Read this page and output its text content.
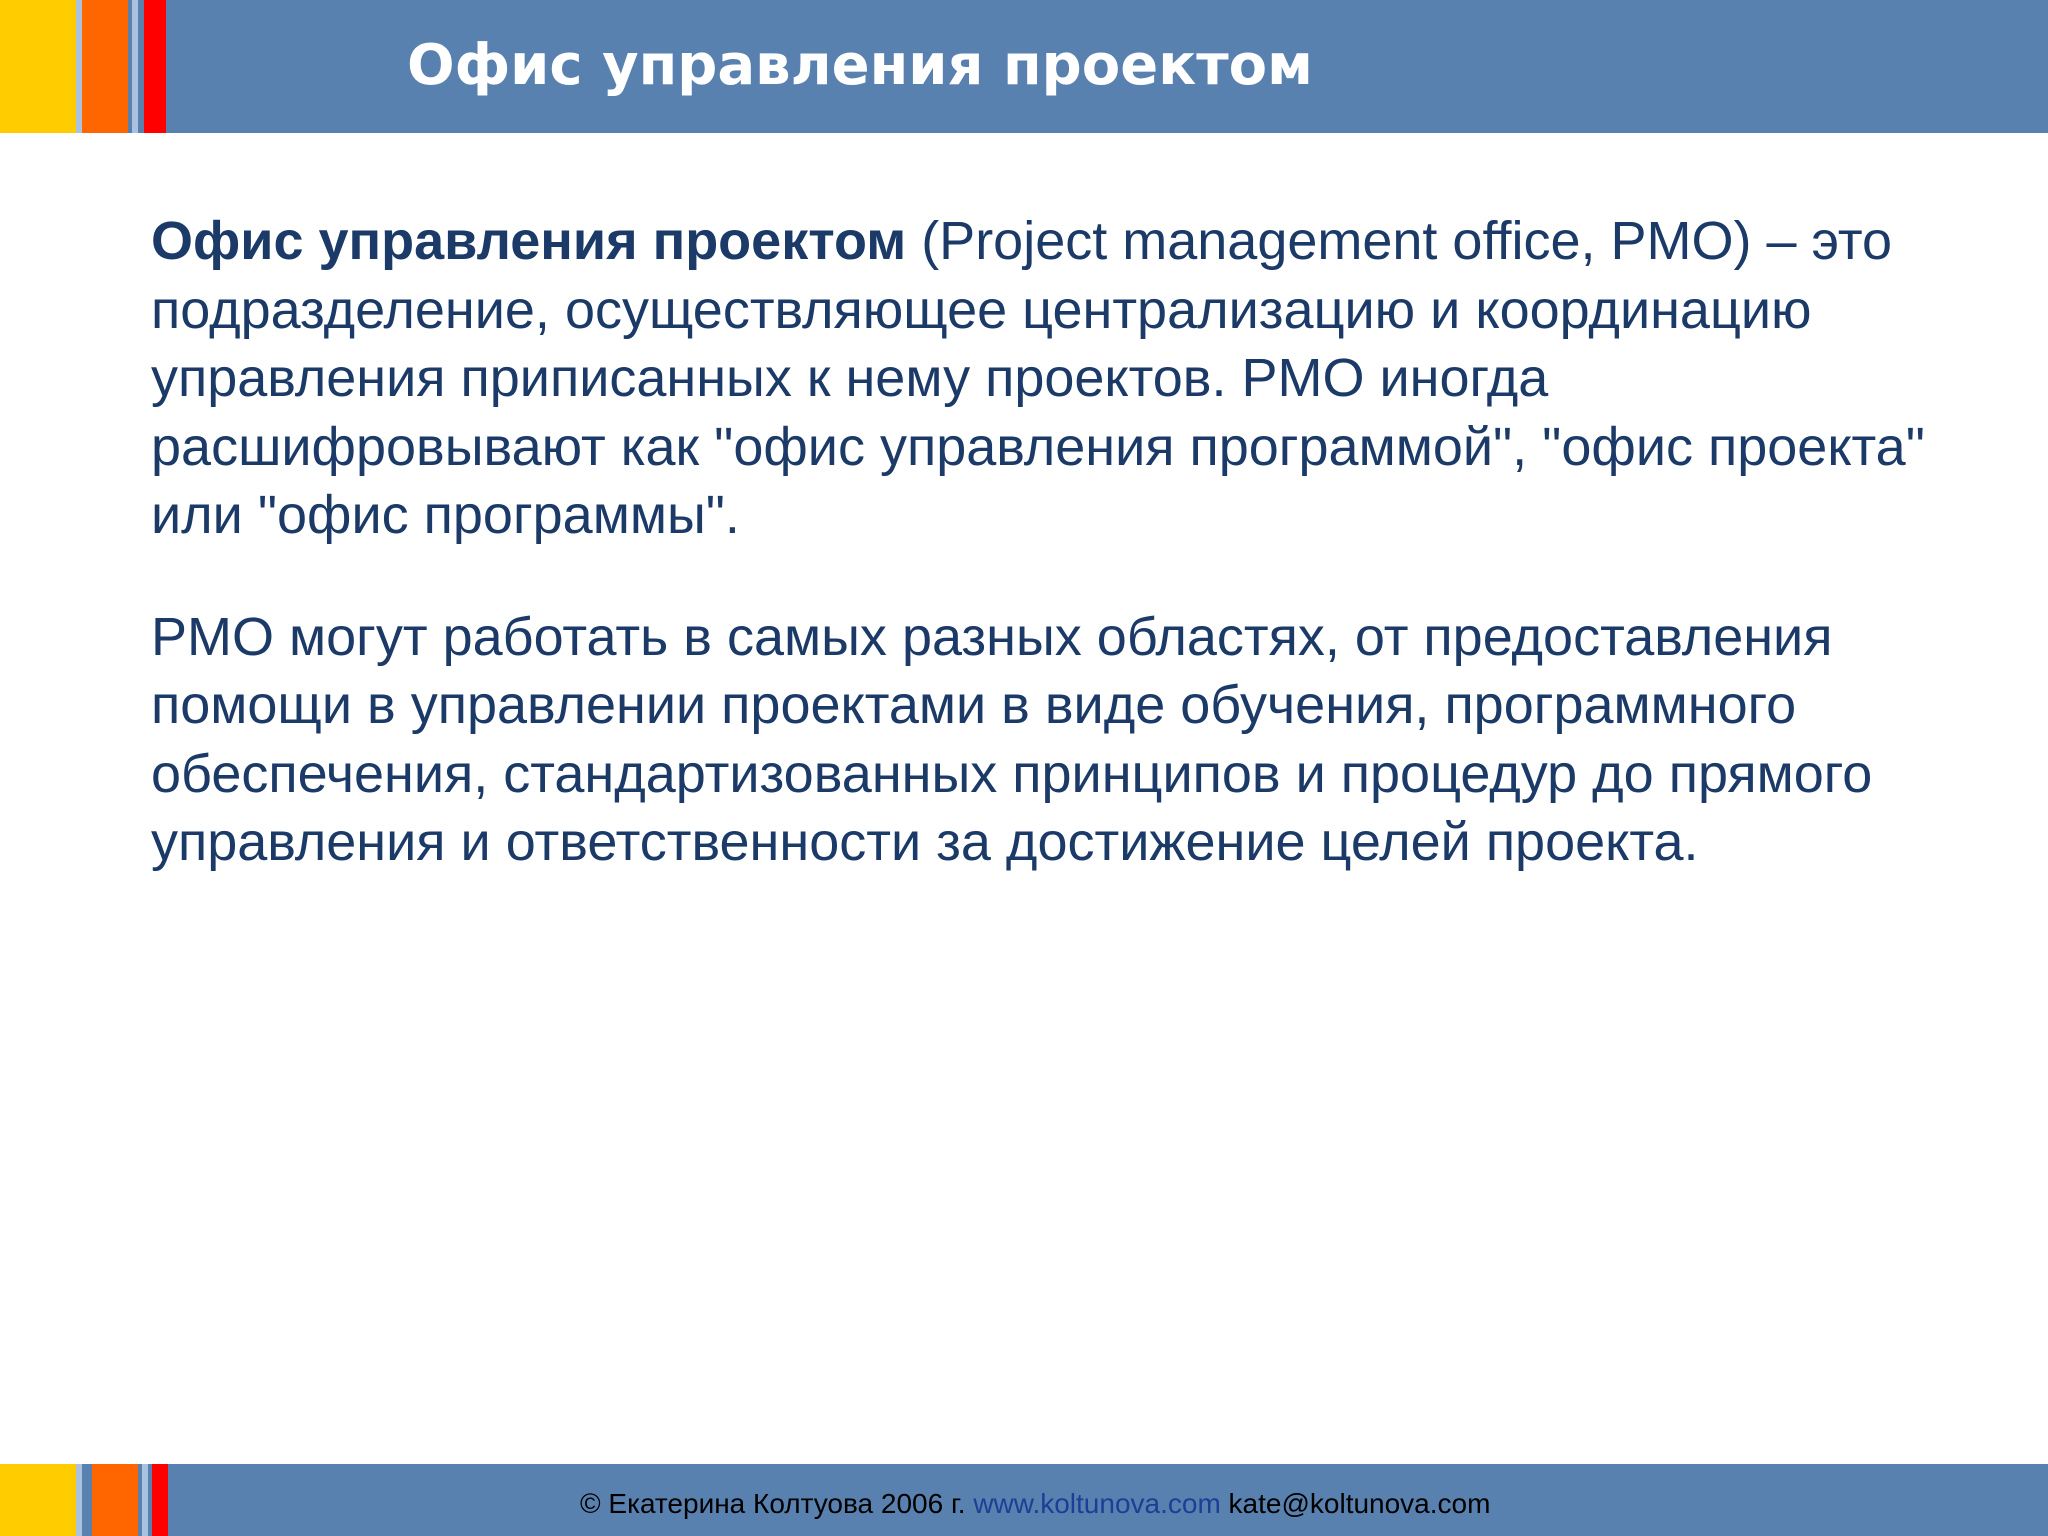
Офис управления проектом

Офис управления проектом (Project management office, PMO) – это подразделение, осуществляющее централизацию и координацию управления приписанных к нему проектов. PMO иногда расшифровывают как "офис управления программой", "офис проекта" или "офис программы".

PMO могут работать в самых разных областях, от предоставления помощи в управлении проектами в виде обучения, программного обеспечения, стандартизованных принципов и процедур до прямого управления и ответственности за достижение целей проекта.

© Екатерина Колтуова 2006 г. www.koltunova.com kate@koltunova.com
